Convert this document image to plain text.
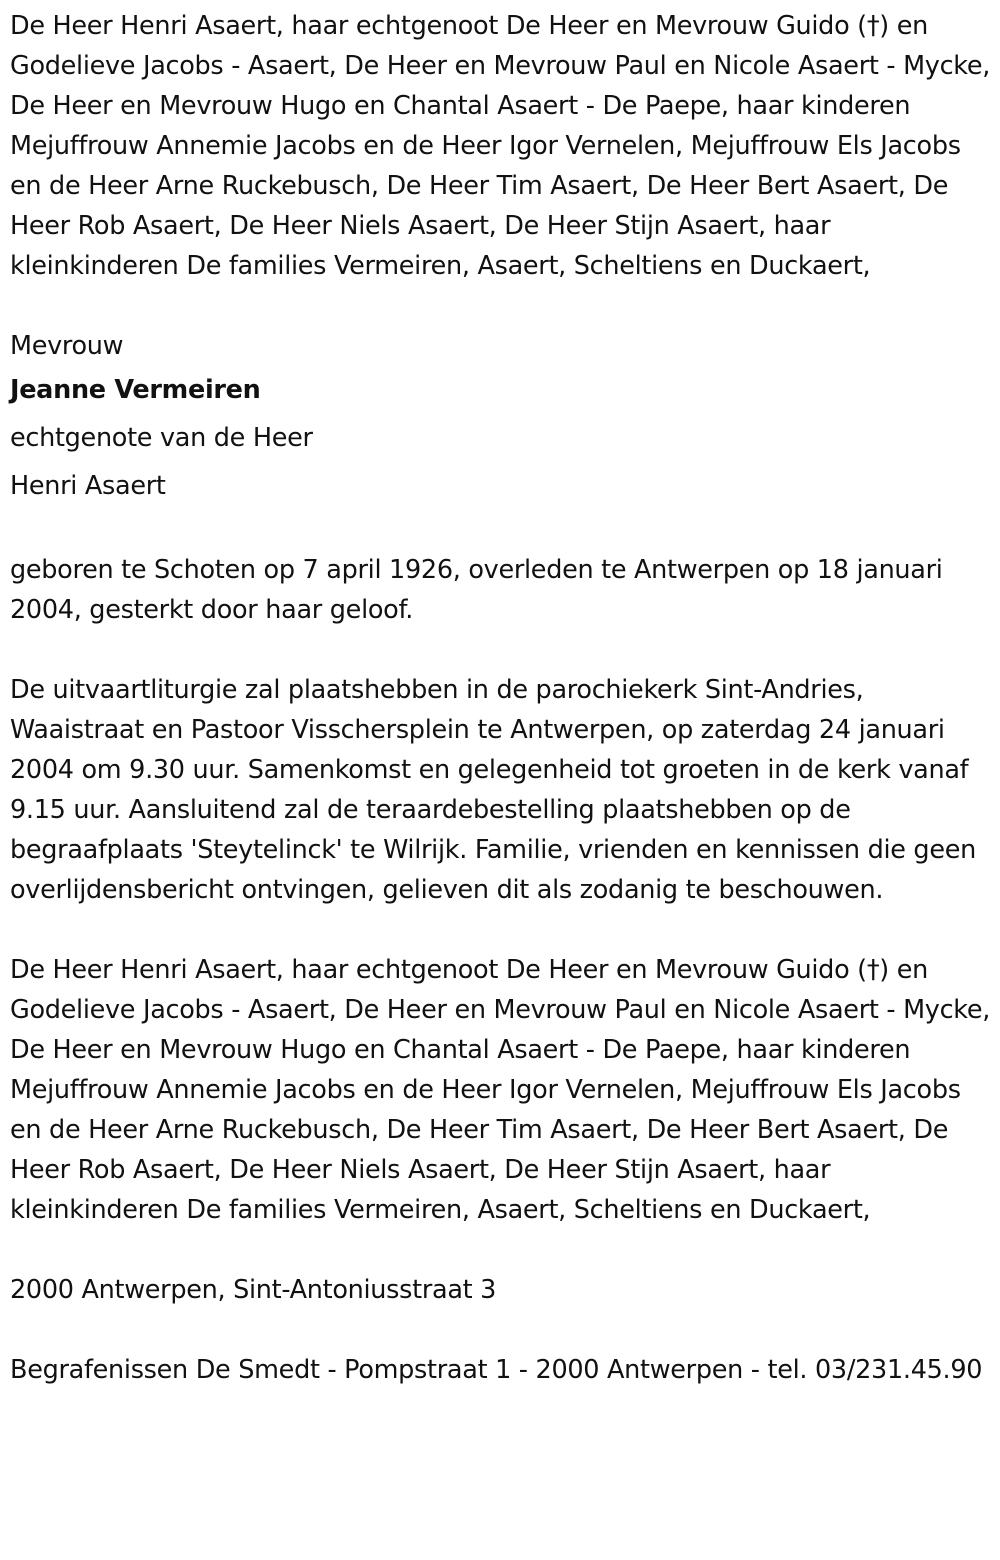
De Heer Henri Asaert, haar echtgenoot De Heer en Mevrouw Guido (†) en Godelieve Jacobs - Asaert, De Heer en Mevrouw Paul en Nicole Asaert - Mycke, De Heer en Mevrouw Hugo en Chantal Asaert - De Paepe, haar kinderen Mejuffrouw Annemie Jacobs en de Heer Igor Vernelen, Mejuffrouw Els Jacobs en de Heer Arne Ruckebusch, De Heer Tim Asaert, De Heer Bert Asaert, De Heer Rob Asaert, De Heer Niels Asaert, De Heer Stijn Asaert, haar kleinkinderen De families Vermeiren, Asaert, Scheltiens en Duckaert,

Mevrouw

Jeanne Vermeiren

echtgenote van de Heer

Henri Asaert

geboren te Schoten op 7 april 1926, overleden te Antwerpen op 18 januari 2004, gesterkt door haar geloof.

De uitvaartliturgie zal plaatshebben in de parochiekerk Sint-Andries, Waaistraat en Pastoor Visschersplein te Antwerpen, op zaterdag 24 januari 2004 om 9.30 uur. Samenkomst en gelegenheid tot groeten in de kerk vanaf 9.15 uur. Aansluitend zal de teraardebestelling plaatshebben op de begraafplaats 'Steytelinck' te Wilrijk. Familie, vrienden en kennissen die geen overlijdensbericht ontvingen, gelieven dit als zodanig te beschouwen.

De Heer Henri Asaert, haar echtgenoot De Heer en Mevrouw Guido (†) en Godelieve Jacobs - Asaert, De Heer en Mevrouw Paul en Nicole Asaert - Mycke, De Heer en Mevrouw Hugo en Chantal Asaert - De Paepe, haar kinderen Mejuffrouw Annemie Jacobs en de Heer Igor Vernelen, Mejuffrouw Els Jacobs en de Heer Arne Ruckebusch, De Heer Tim Asaert, De Heer Bert Asaert, De Heer Rob Asaert, De Heer Niels Asaert, De Heer Stijn Asaert, haar kleinkinderen De families Vermeiren, Asaert, Scheltiens en Duckaert,

2000 Antwerpen, Sint-Antoniusstraat 3

Begrafenissen De Smedt - Pompstraat 1 - 2000 Antwerpen - tel. 03/231.45.90
